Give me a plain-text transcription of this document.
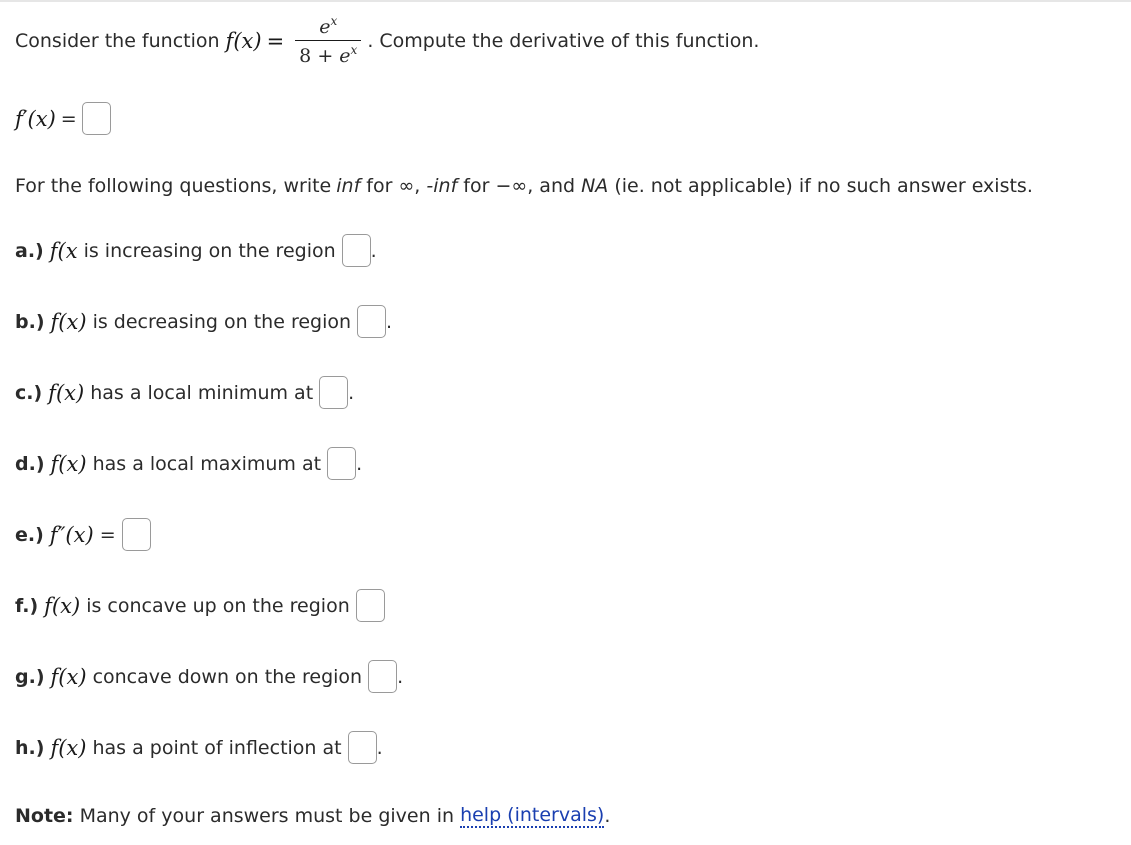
Consider the function $f(x) = \frac{e^x}{8 + e^x}$ . Compute the derivative of this function.
f′(x) =
For the following questions, write inf for ∞, -inf for −∞, and NA (ie. not applicable) if no such answer exists.
a.) f(x is increasing on the region .
b.) f(x) is decreasing on the region .
c.) f(x) has a local minimum at .
d.) f(x) has a local maximum at .
e.) f″(x) =
f.) f(x) is concave up on the region
g.) f(x) concave down on the region .
h.) f(x) has a point of inflection at .
Note: Many of your answers must be given in help (intervals) .
